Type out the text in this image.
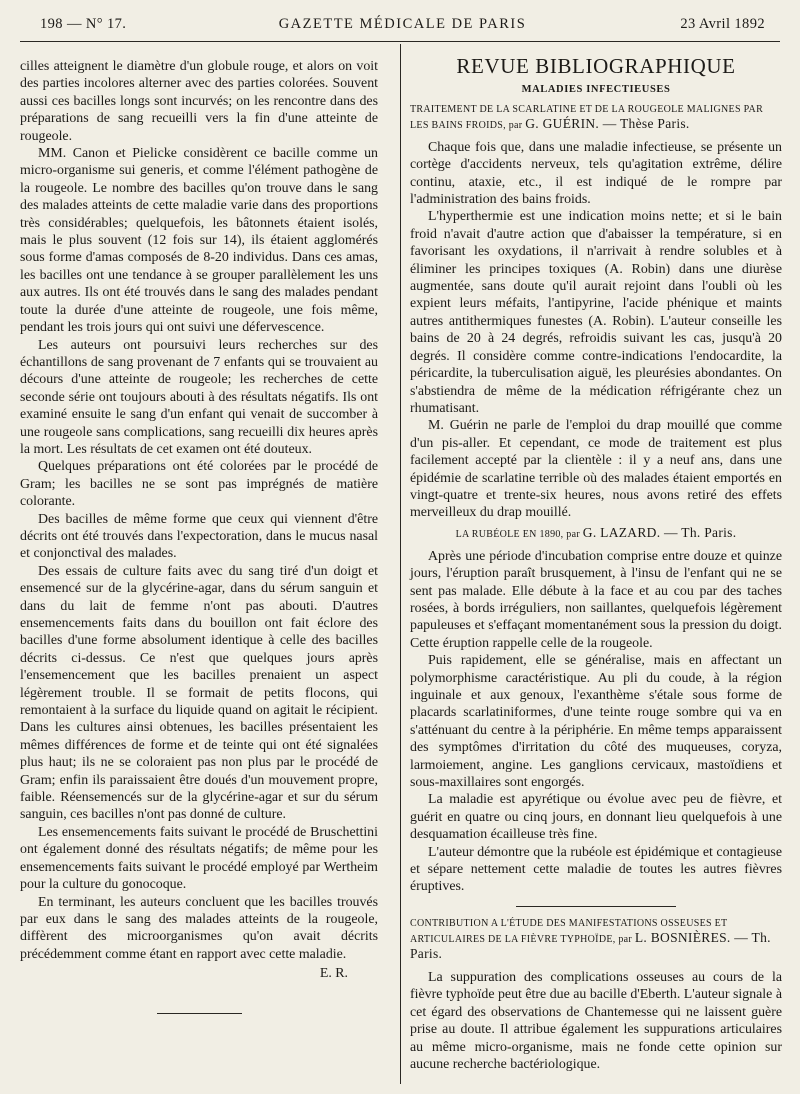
198 — N° 17.	GAZETTE MÉDICALE DE PARIS	23 Avril 1892

cilles atteignent le diamètre d'un globule rouge, et alors on voit des parties incolores alterner avec des parties colorées. Souvent aussi ces bacilles longs sont incurvés; on les rencontre dans des préparations de sang recueilli vers la fin d'une atteinte de rougeole.

MM. Canon et Pielicke considèrent ce bacille comme un micro-organisme sui generis, et comme l'élément pathogène de la rougeole. Le nombre des bacilles qu'on trouve dans le sang des malades atteints de cette maladie varie dans des proportions très considérables; quelquefois, les bâtonnets étaient isolés, mais le plus souvent (12 fois sur 14), ils étaient agglomérés sous forme d'amas composés de 8-20 individus. Dans ces amas, les bacilles ont une tendance à se grouper parallèlement les uns aux autres. Ils ont été trouvés dans le sang des malades pendant toute la durée d'une atteinte de rougeole, une fois même, pendant les trois jours qui ont suivi une défervescence.

Les auteurs ont poursuivi leurs recherches sur des échantillons de sang provenant de 7 enfants qui se trouvaient au décours d'une atteinte de rougeole; les recherches de cette seconde série ont toujours abouti à des résultats négatifs. Ils ont examiné ensuite le sang d'un enfant qui venait de succomber à une rougeole sans complications, sang recueilli dix heures après la mort. Les résultats de cet examen ont été douteux.

Quelques préparations ont été colorées par le procédé de Gram; les bacilles ne se sont pas imprégnés de matière colorante.

Des bacilles de même forme que ceux qui viennent d'être décrits ont été trouvés dans l'expectoration, dans le mucus nasal et conjonctival des malades.

Des essais de culture faits avec du sang tiré d'un doigt et ensemencé sur de la glycérine-agar, dans du sérum sanguin et dans du lait de femme n'ont pas abouti. D'autres ensemencements faits dans du bouillon ont fait éclore des bacilles d'une forme absolument identique à celle des bacilles décrits ci-dessus. Ce n'est que quelques jours après l'ensemencement que les bacilles prenaient un aspect légèrement trouble. Il se formait de petits flocons, qui remontaient à la surface du liquide quand on agitait le récipient. Dans les cultures ainsi obtenues, les bacilles présentaient les mêmes différences de forme et de teinte qui ont été signalées plus haut; ils ne se coloraient pas non plus par le procédé de Gram; enfin ils paraissaient être doués d'un mouvement propre, faible. Réensemencés sur de la glycérine-agar et sur du sérum sanguin, ces bacilles n'ont pas donné de culture.

Les ensemencements faits suivant le procédé de Bruschettini ont également donné des résultats négatifs; de même pour les ensemencements faits suivant le procédé employé par Wertheim pour la culture du gonocoque.

En terminant, les auteurs concluent que les bacilles trouvés par eux dans le sang des malades atteints de la rougeole, diffèrent des microorganismes qu'on avait décrits précédemment comme étant en rapport avec cette maladie.

E. R.
REVUE BIBLIOGRAPHIQUE
MALADIES INFECTIEUSES
TRAITEMENT DE LA SCARLATINE ET DE LA ROUGEOLE MALIGNES PAR LES BAINS FROIDS, par G. GUÉRIN. — Thèse Paris.

Chaque fois que, dans une maladie infectieuse, se présente un cortège d'accidents nerveux, tels qu'agitation extrême, délire continu, ataxie, etc., il est indiqué de le rompre par l'administration des bains froids.

L'hyperthermie est une indication moins nette; et si le bain froid n'avait d'autre action que d'abaisser la température, si en favorisant les oxydations, il n'arrivait à rendre solubles et à éliminer les principes toxiques (A. Robin) dans une diurèse augmentée, sans doute qu'il aurait rejoint dans l'oubli où les expient leurs méfaits, l'antipyrine, l'acide phénique et maints autres antithermiques funestes (A. Robin). L'auteur conseille les bains de 20 à 24 degrés, refroidis suivant les cas, jusqu'à 20 degrés. Il considère comme contre-indications l'endocardite, la péricardite, la tuberculisation aiguë, les pleurésies abondantes. On s'abstiendra de même de la médication réfrigérante chez un rhumatisant.

M. Guérin ne parle de l'emploi du drap mouillé que comme d'un pis-aller. Et cependant, ce mode de traitement est plus facilement accepté par la clientèle : il y a neuf ans, dans une épidémie de scarlatine terrible où des malades étaient emportés en vingt-quatre et trente-six heures, nous avons retiré des effets merveilleux du drap mouillé.

LA RUBÉOLE EN 1890, par G. LAZARD. — Th. Paris.

Après une période d'incubation comprise entre douze et quinze jours, l'éruption paraît brusquement, à l'insu de l'enfant qui ne se sent pas malade. Elle débute à la face et au cou par des taches rosées, à bords irréguliers, non saillantes, quelquefois légèrement papuleuses et s'effaçant momentanément sous la pression du doigt. Cette éruption rappelle celle de la rougeole.

Puis rapidement, elle se généralise, mais en affectant un polymorphisme caractéristique. Au pli du coude, à la région inguinale et aux genoux, l'exanthème s'étale sous forme de placards scarlatiniformes, d'une teinte rouge sombre qui va en s'atténuant du centre à la périphérie. En même temps apparaissent des symptômes d'irritation du côté des muqueuses, coryza, larmoiement, angine. Les ganglions cervicaux, mastoïdiens et sous-maxillaires sont engorgés.

La maladie est apyrétique ou évolue avec peu de fièvre, et guérit en quatre ou cinq jours, en donnant lieu quelquefois à une desquamation écailleuse très fine.

L'auteur démontre que la rubéole est épidémique et contagieuse et sépare nettement cette maladie de toutes les autres fièvres éruptives.

CONTRIBUTION A L'ÉTUDE DES MANIFESTATIONS OSSEUSES ET ARTICULAIRES DE LA FIÈVRE TYPHOÏDE, par L. BOSNIÈRES. — Th. Paris.

La suppuration des complications osseuses au cours de la fièvre typhoïde peut être due au bacille d'Eberth. L'auteur signale à cet égard des observations de Chantemesse qui ne laissent guère prise au doute. Il attribue également les suppurations articulaires au même micro-organisme, mais ne fonde cette opinion sur aucune recherche bactériologique.
